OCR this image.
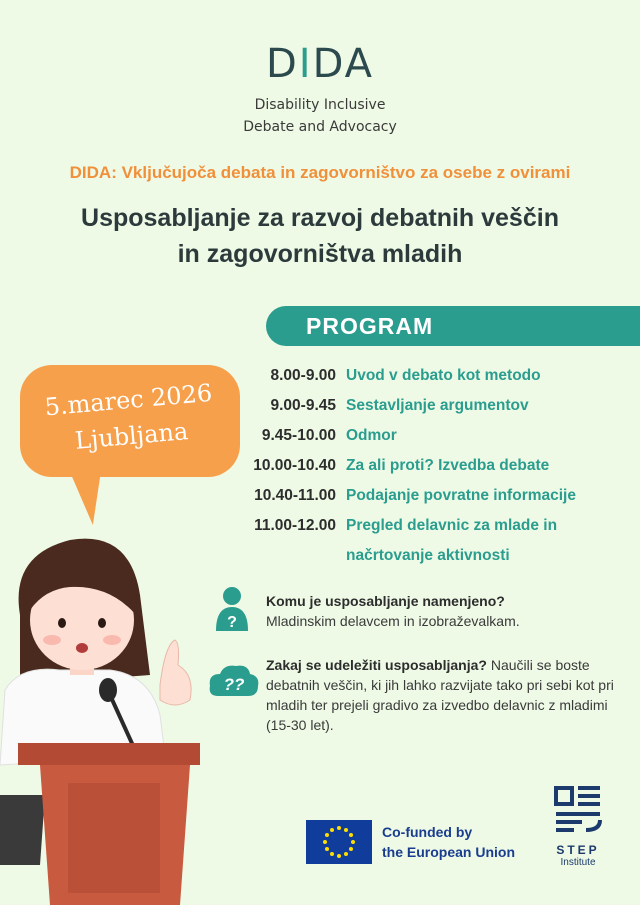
DIDA
Disability Inclusive
Debate and Advocacy
DIDA: Vključujoča debata in zagovorništvo za osebe z ovirami
Usposabljanje za razvoj debatnih veščin
in zagovorništva mladih
PROGRAM
8.00-9.00 Uvod v debato kot metodo
9.00-9.45 Sestavljanje argumentov
9.45-10.00 Odmor
10.00-10.40 Za ali proti? Izvedba debate
10.40-11.00 Podajanje povratne informacije
11.00-12.00 Pregled delavnic za mlade in
načrtovanje aktivnosti
5.marec 2026
Ljubljana
?
??
Komu je usposabljanje namenjeno?
Mladinskim delavcem in izobraževalkam.
Zakaj se udeležiti usposabljanja? Naučili se boste debatnih veščin, ki jih lahko razvijate tako pri sebi kot pri mladih ter prejeli gradivo za izvedbo delavnic z mladimi (15-30 let).
Co-funded by
the European Union	STEP
Institute
